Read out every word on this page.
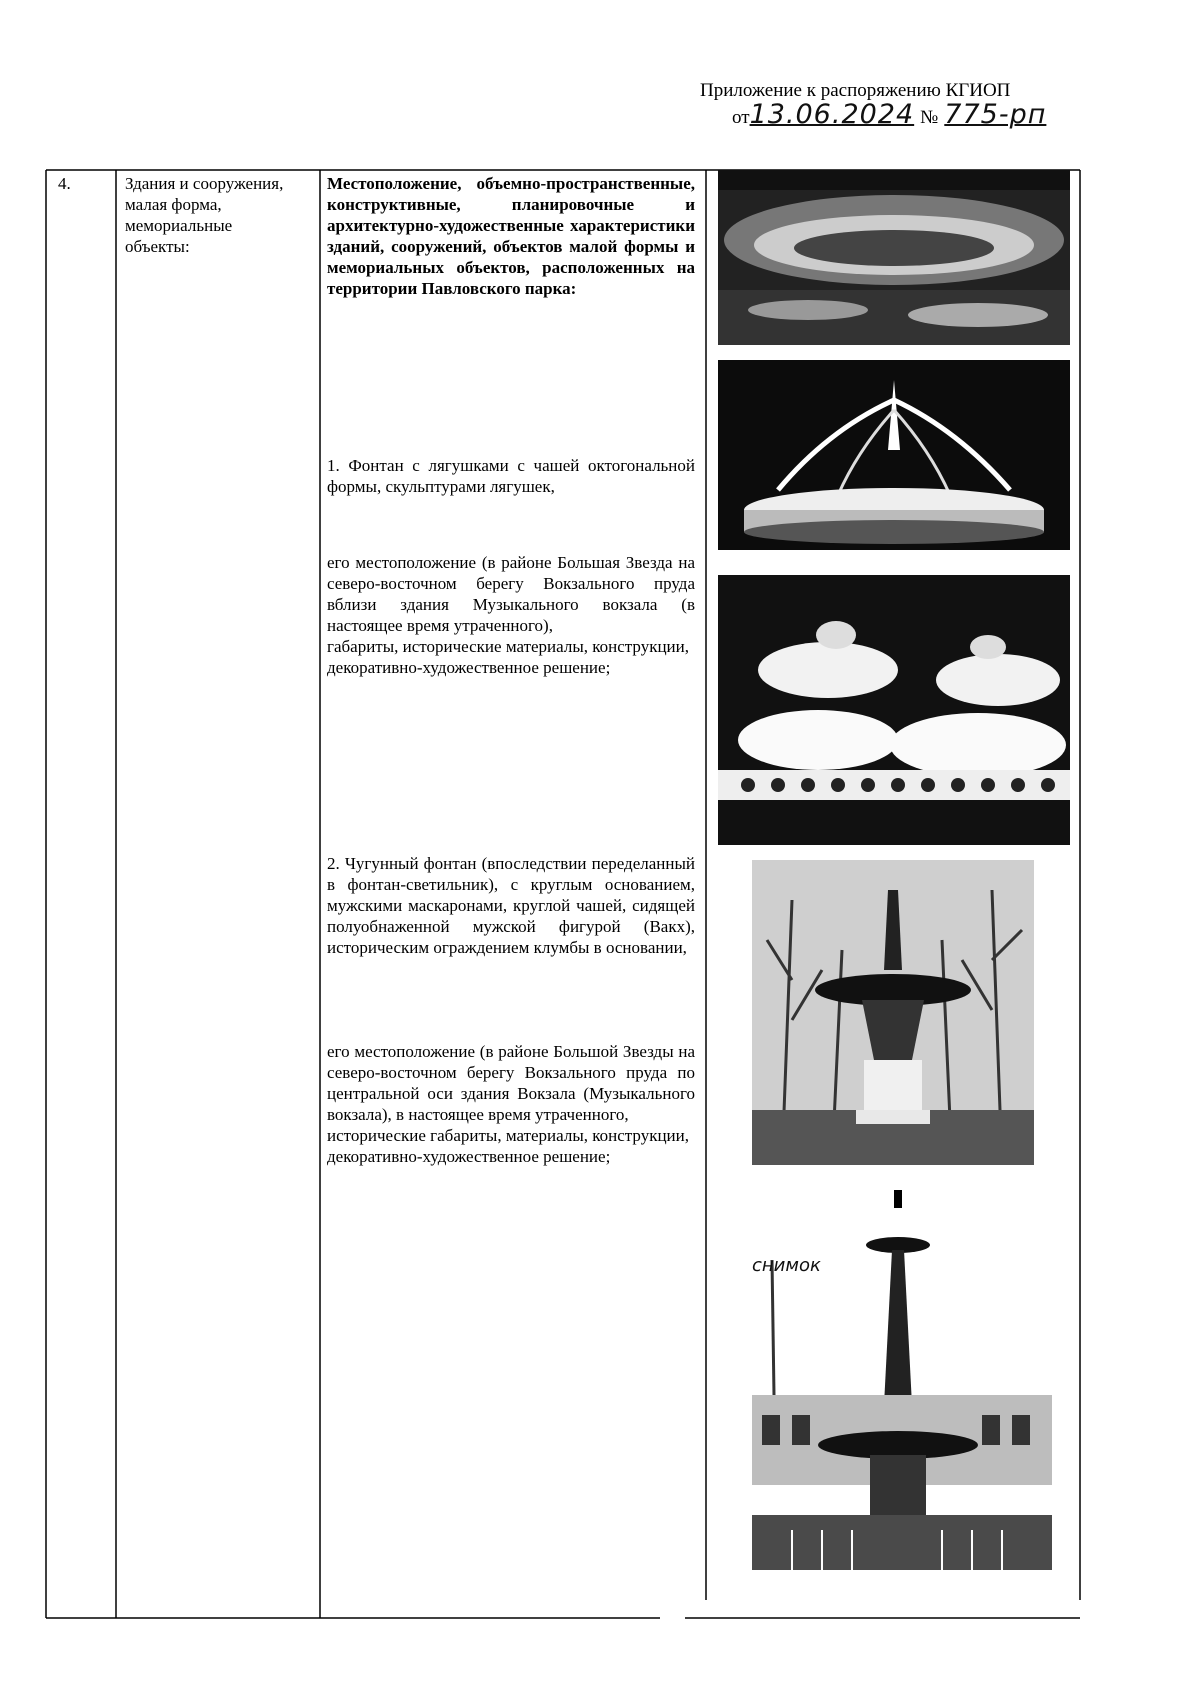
Приложение к распоряжению КГИОП
от13.06.2024 № 775-рп
4.	Здания и сооружения, малая форма, мемориальные объекты:
Местоположение, объемно-пространственные, конструктивные, планировочные и архитектурно-художественные характеристики зданий, сооружений, объектов малой формы и мемориальных объектов, расположенных на территории Павловского парка:
1. Фонтан с лягушками с чашей октогональной формы, скульптурами лягушек,

его местоположение (в районе Большая Звезда на северо-восточном берегу Вокзального пруда вблизи здания Музыкального вокзала (в настоящее время утраченного),

габариты, исторические материалы, конструкции,

декоративно-художественное решение;

2. Чугунный фонтан (впоследствии переделанный в фонтан-светильник), с круглым основанием, мужскими маскаронами, круглой чашей, сидящей полуобнаженной мужской фигурой (Вакх), историческим ограждением клумбы в основании,

его местоположение (в районе Большой Звезды на северо-восточном берегу Вокзального пруда по центральной оси здания Вокзала (Музыкального вокзала), в настоящее время утраченного,

исторические габариты, материалы, конструкции,

декоративно-художественное решение;

снимок
